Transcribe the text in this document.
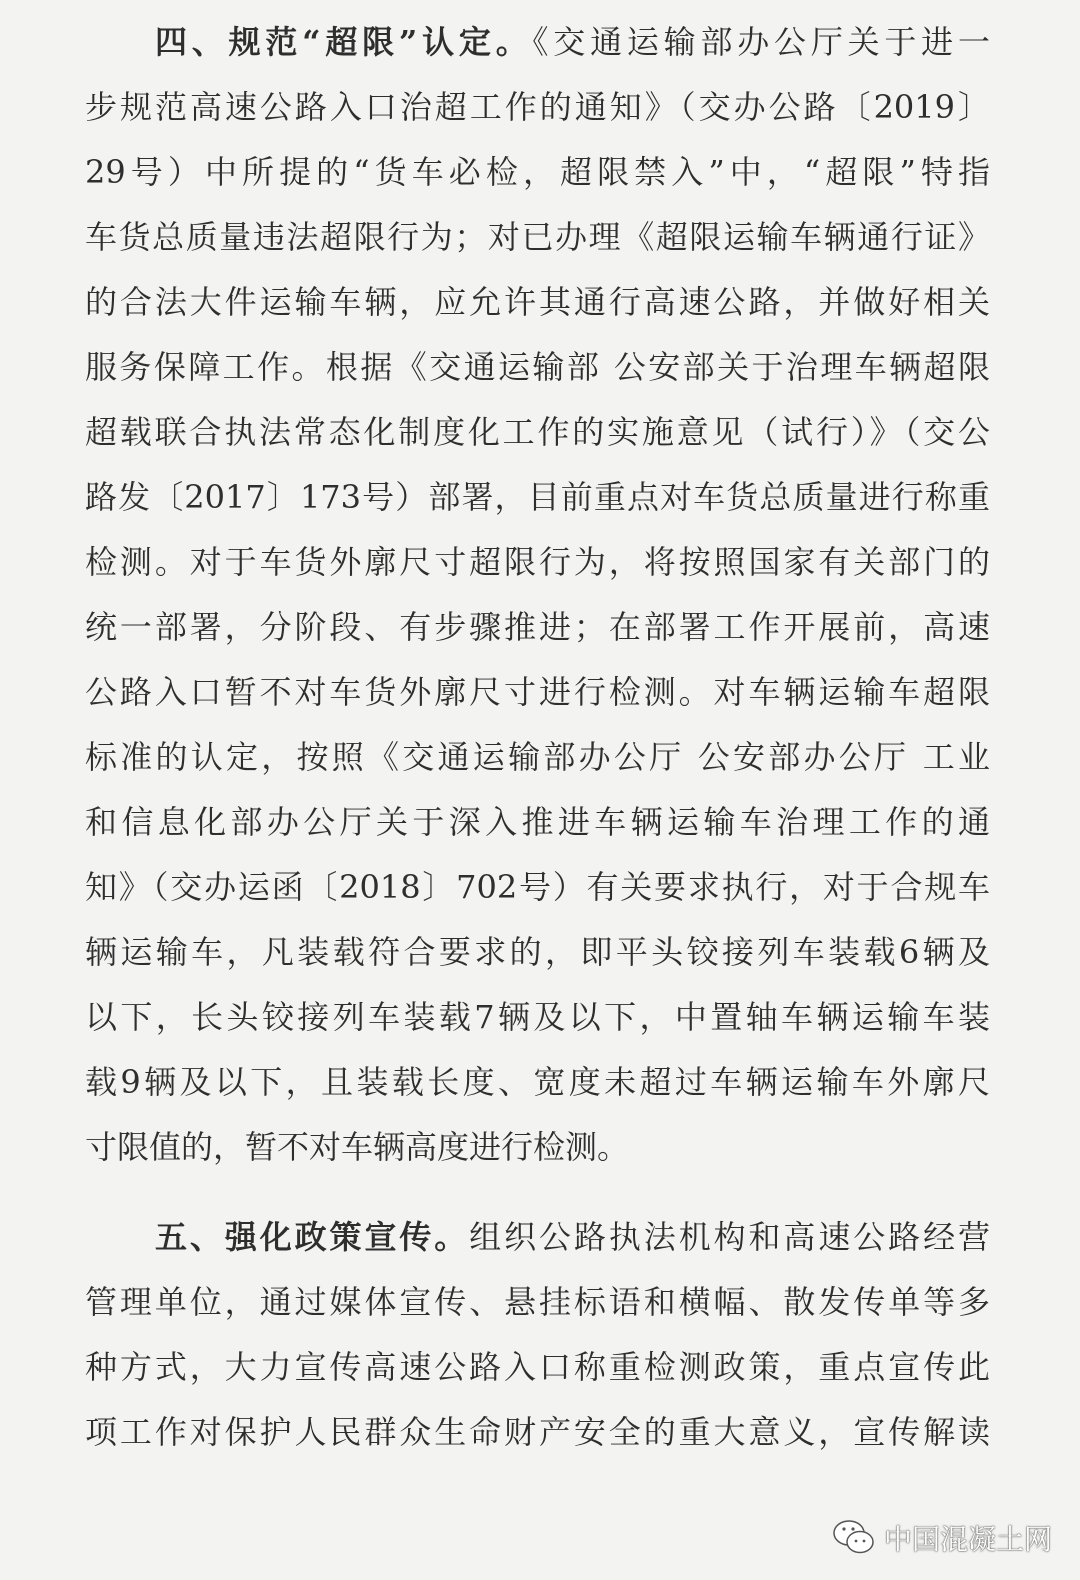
四、规范“超限”认定。《交通运输部办公厅关于进一
步规范高速公路入口治超工作的通知》（交办公路〔2019〕
29号）中所提的“货车必检，超限禁入”中，“超限”特指
车货总质量违法超限行为；对已办理《超限运输车辆通行证》
的合法大件运输车辆，应允许其通行高速公路，并做好相关
服务保障工作。根据《交通运输部 公安部关于治理车辆超限
超载联合执法常态化制度化工作的实施意见（试行）》（交公
路发〔2017〕173号）部署，目前重点对车货总质量进行称重
检测。对于车货外廓尺寸超限行为，将按照国家有关部门的
统一部署，分阶段、有步骤推进；在部署工作开展前，高速
公路入口暂不对车货外廓尺寸进行检测。对车辆运输车超限
标准的认定，按照《交通运输部办公厅 公安部办公厅 工业
和信息化部办公厅关于深入推进车辆运输车治理工作的通
知》（交办运函〔2018〕702号）有关要求执行，对于合规车
辆运输车，凡装载符合要求的，即平头铰接列车装载6辆及
以下，长头铰接列车装载7辆及以下，中置轴车辆运输车装
载9辆及以下，且装载长度、宽度未超过车辆运输车外廓尺
寸限值的，暂不对车辆高度进行检测。
五、强化政策宣传。组织公路执法机构和高速公路经营
管理单位，通过媒体宣传、悬挂标语和横幅、散发传单等多
种方式，大力宣传高速公路入口称重检测政策，重点宣传此
项工作对保护人民群众生命财产安全的重大意义，宣传解读
中国混凝土网
